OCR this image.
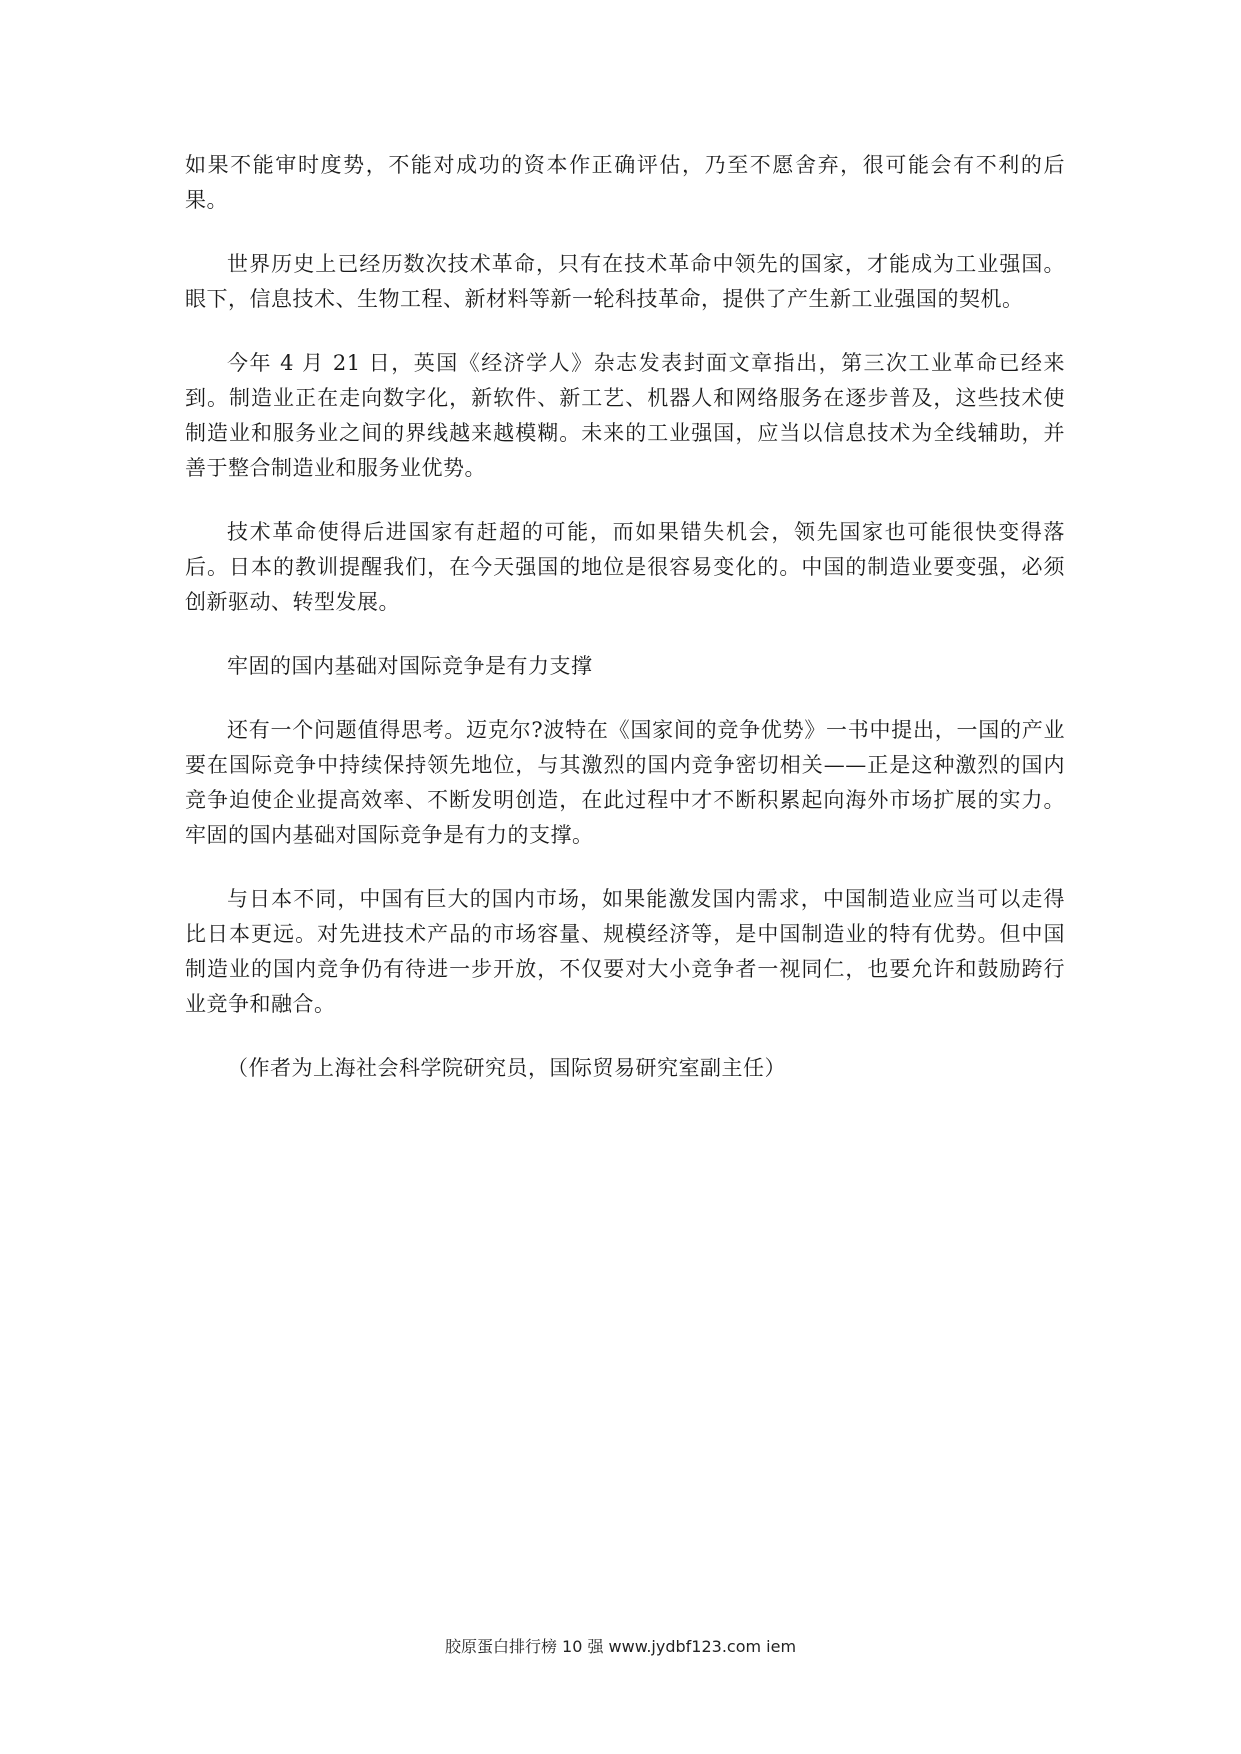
如果不能审时度势，不能对成功的资本作正确评估，乃至不愿舍弃，很可能会有不利的后果。

世界历史上已经历数次技术革命，只有在技术革命中领先的国家，才能成为工业强国。眼下，信息技术、生物工程、新材料等新一轮科技革命，提供了产生新工业强国的契机。

今年 4 月 21 日，英国《经济学人》杂志发表封面文章指出，第三次工业革命已经来到。制造业正在走向数字化，新软件、新工艺、机器人和网络服务在逐步普及，这些技术使制造业和服务业之间的界线越来越模糊。未来的工业强国，应当以信息技术为全线辅助，并善于整合制造业和服务业优势。

技术革命使得后进国家有赶超的可能，而如果错失机会，领先国家也可能很快变得落后。日本的教训提醒我们，在今天强国的地位是很容易变化的。中国的制造业要变强，必须创新驱动、转型发展。

牢固的国内基础对国际竞争是有力支撑

还有一个问题值得思考。迈克尔?波特在《国家间的竞争优势》一书中提出，一国的产业要在国际竞争中持续保持领先地位，与其激烈的国内竞争密切相关——正是这种激烈的国内竞争迫使企业提高效率、不断发明创造，在此过程中才不断积累起向海外市场扩展的实力。牢固的国内基础对国际竞争是有力的支撑。

与日本不同，中国有巨大的国内市场，如果能激发国内需求，中国制造业应当可以走得比日本更远。对先进技术产品的市场容量、规模经济等，是中国制造业的特有优势。但中国制造业的国内竞争仍有待进一步开放，不仅要对大小竞争者一视同仁，也要允许和鼓励跨行业竞争和融合。

（作者为上海社会科学院研究员，国际贸易研究室副主任）

胶原蛋白排行榜 10 强 www.jydbf123.com iem
